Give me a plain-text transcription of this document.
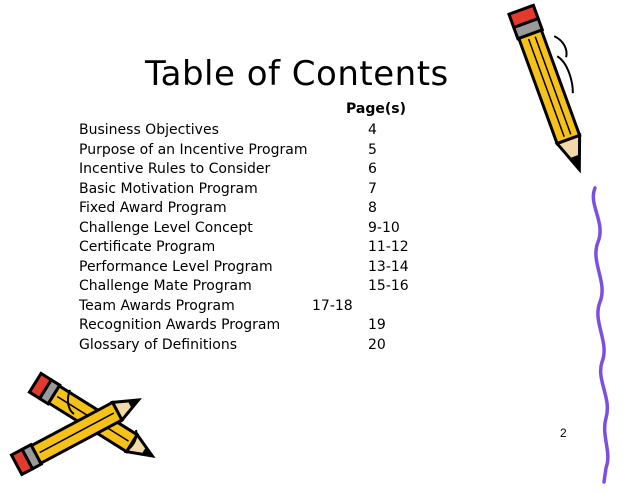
Table of Contents
Page(s)
Business Objectives	4
Purpose of an Incentive Program	5
Incentive Rules to Consider	6
Basic Motivation Program	7
Fixed Award Program	8
Challenge Level Concept	9-10
Certificate Program	11-12
Performance Level Program	13-14
Challenge Mate Program	15-16
Team Awards Program	17-18
Recognition Awards Program	19
Glossary of Definitions	20
2
